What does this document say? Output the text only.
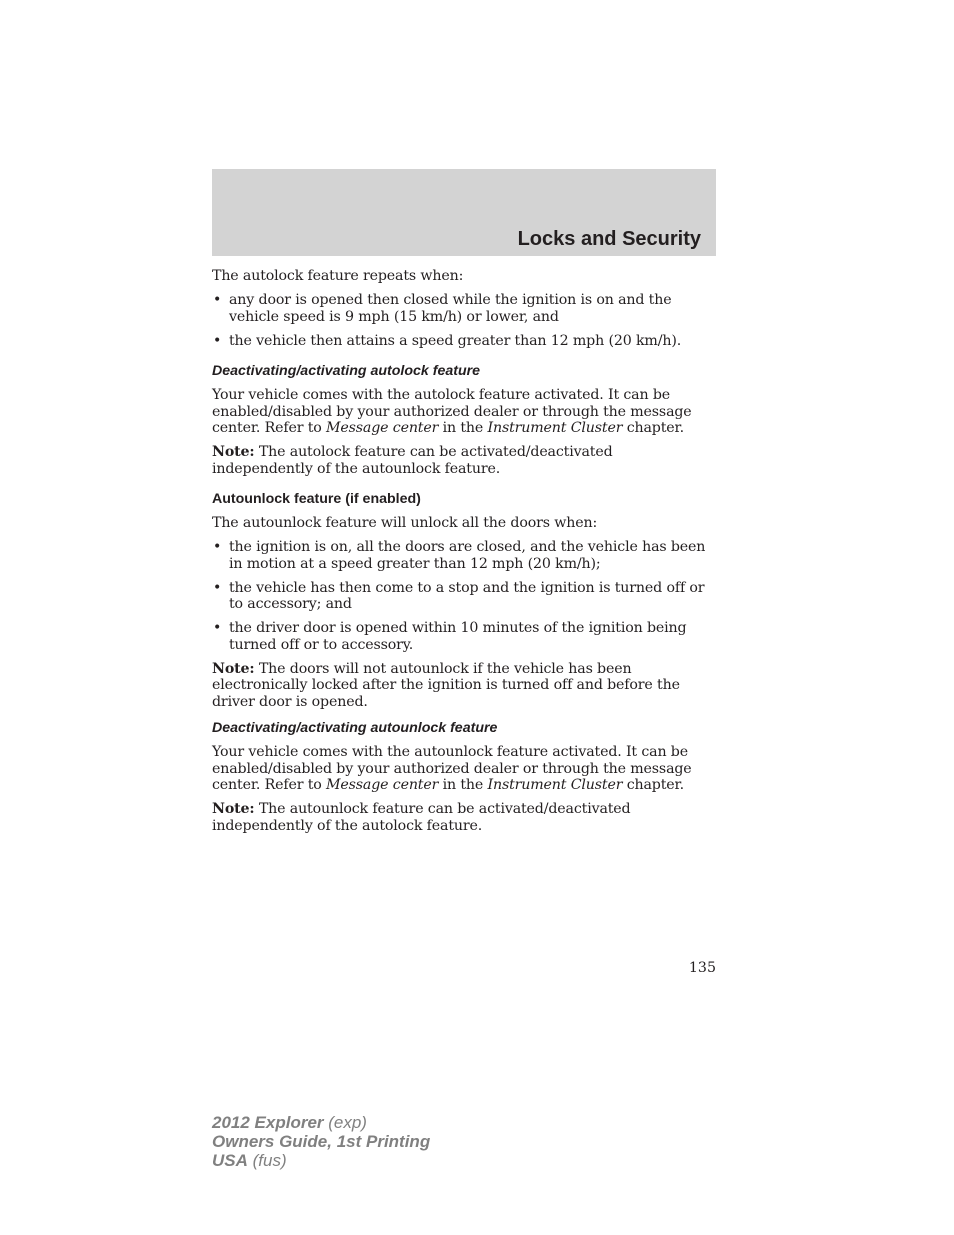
Locks and Security

The autolock feature repeats when:

• any door is opened then closed while the ignition is on and the vehicle speed is 9 mph (15 km/h) or lower, and
• the vehicle then attains a speed greater than 12 mph (20 km/h).
Deactivating/activating autolock feature

Your vehicle comes with the autolock feature activated. It can be enabled/disabled by your authorized dealer or through the message center. Refer to Message center in the Instrument Cluster chapter.

Note: The autolock feature can be activated/deactivated independently of the autounlock feature.

Autounlock feature (if enabled)

The autounlock feature will unlock all the doors when:

• the ignition is on, all the doors are closed, and the vehicle has been in motion at a speed greater than 12 mph (20 km/h);
• the vehicle has then come to a stop and the ignition is turned off or to accessory; and
• the driver door is opened within 10 minutes of the ignition being turned off or to accessory.

Note: The doors will not autounlock if the vehicle has been electronically locked after the ignition is turned off and before the driver door is opened.

Deactivating/activating autounlock feature

Your vehicle comes with the autounlock feature activated. It can be enabled/disabled by your authorized dealer or through the message center. Refer to Message center in the Instrument Cluster chapter.

Note: The autounlock feature can be activated/deactivated independently of the autolock feature.

135
2012 Explorer (exp)
Owners Guide, 1st Printing
USA (fus)
